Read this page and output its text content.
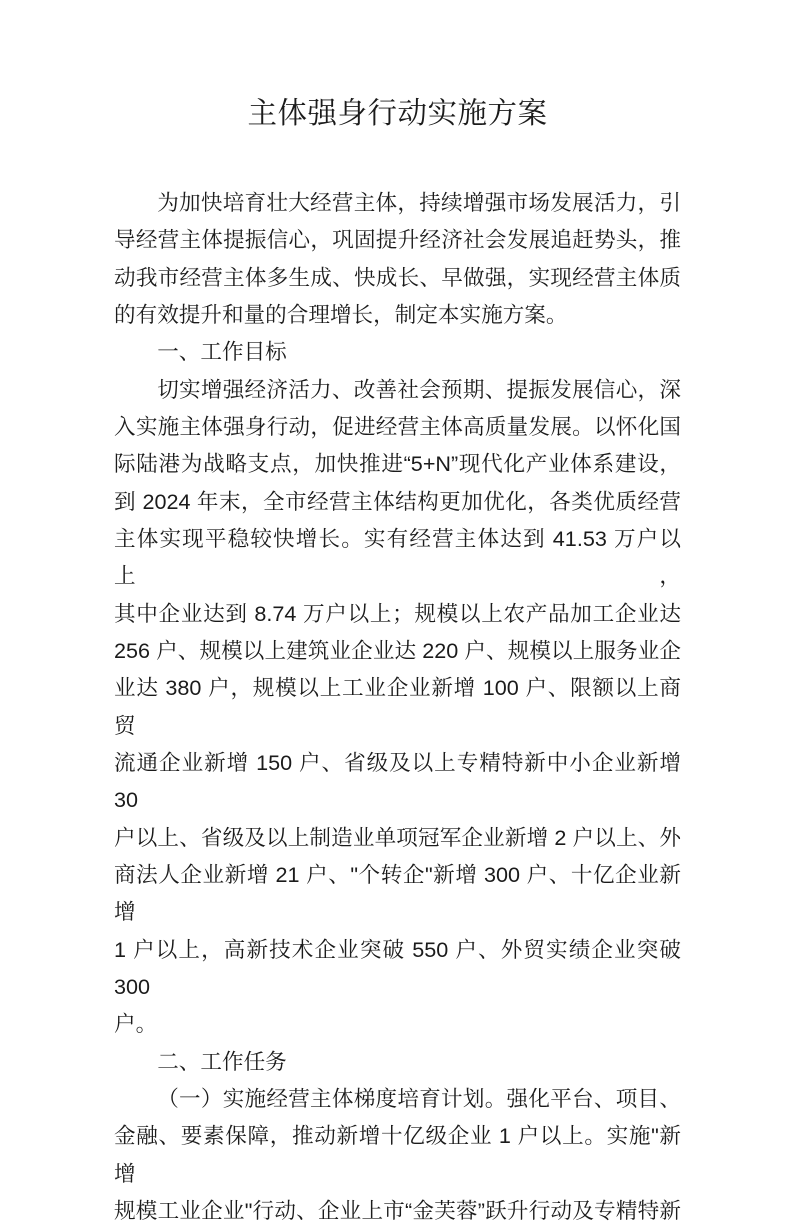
主体强身行动实施方案
为加快培育壮大经营主体，持续增强市场发展活力，引
导经营主体提振信心，巩固提升经济社会发展追赶势头，推
动我市经营主体多生成、快成长、早做强，实现经营主体质
的有效提升和量的合理增长，制定本实施方案。
一、工作目标
切实增强经济活力、改善社会预期、提振发展信心，深
入实施主体强身行动，促进经营主体高质量发展。以怀化国
际陆港为战略支点，加快推进“5+N”现代化产业体系建设，
到 2024 年末，全市经营主体结构更加优化，各类优质经营
主体实现平稳较快增长。实有经营主体达到 41.53 万户以上，
其中企业达到 8.74 万户以上；规模以上农产品加工企业达
256 户、规模以上建筑业企业达 220 户、规模以上服务业企
业达 380 户，规模以上工业企业新增 100 户、限额以上商贸
流通企业新增 150 户、省级及以上专精特新中小企业新增 30
户以上、省级及以上制造业单项冠军企业新增 2 户以上、外
商法人企业新增 21 户、"个转企"新增 300 户、十亿企业新增
1 户以上，高新技术企业突破 550 户、外贸实绩企业突破 300
户。
二、工作任务
（一）实施经营主体梯度培育计划。强化平台、项目、
金融、要素保障，推动新增十亿级企业 1 户以上。实施"新增
规模工业企业"行动、企业上市“金芙蓉”跃升行动及专精特新
